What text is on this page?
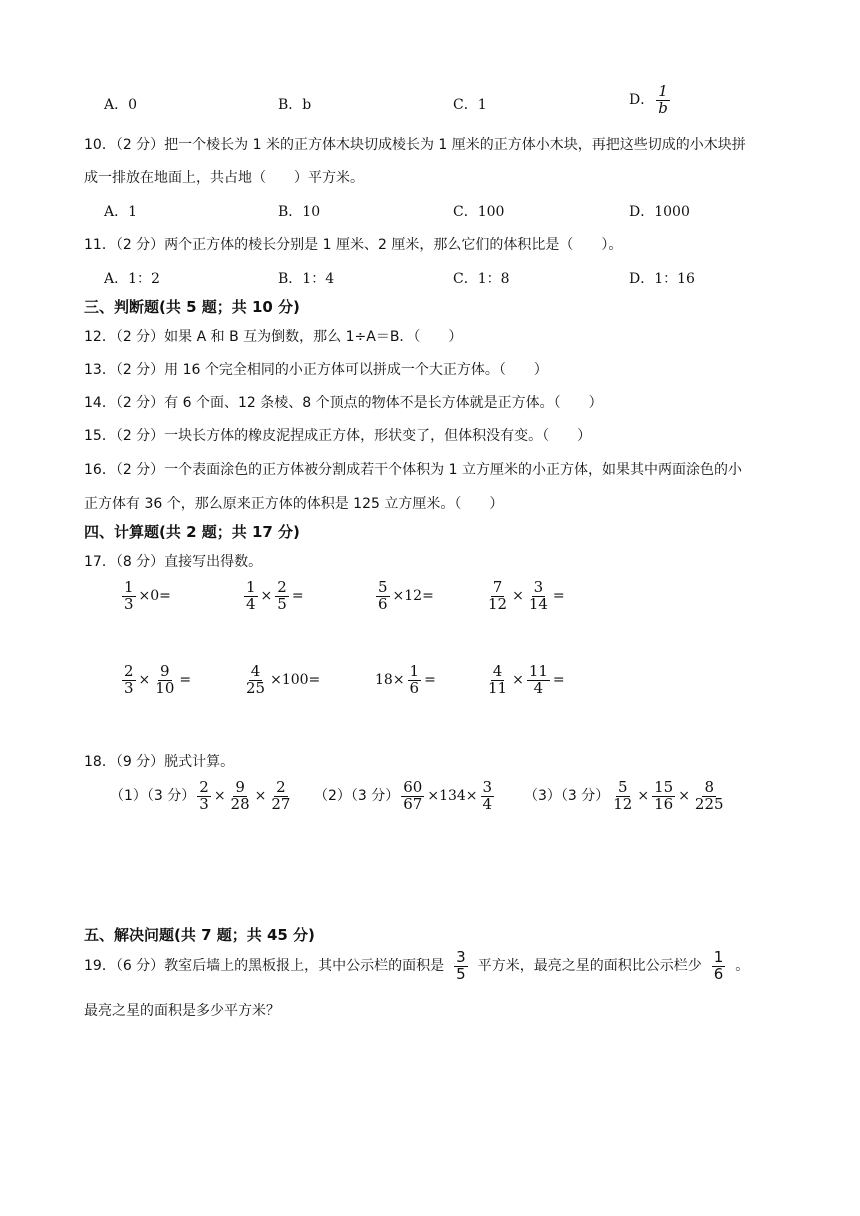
A．0	B．b	C．1	D． $\frac{1}{b}$
10．（2 分）把一个棱长为 1 米的正方体木块切成棱长为 1 厘米的正方体小木块，再把这些切成的小木块拼
成一排放在地面上，共占地（　　）平方米。
A．1	B．10	C．100	D．1000
11．（2 分）两个正方体的棱长分别是 1 厘米、2 厘米，那么它们的体积比是（　　）。
A．1：2	B．1：4	C．1：8	D．1：16
三、判断题(共 5 题；共 10 分)
12．（2 分）如果 A 和 B 互为倒数，那么 1÷A＝B．（　　）
13．（2 分）用 16 个完全相同的小正方体可以拼成一个大正方体。（　　）
14．（2 分）有 6 个面、12 条棱、8 个顶点的物体不是长方体就是正方体。（　　）
15．（2 分）一块长方体的橡皮泥捏成正方体，形状变了，但体积没有变。（　　）
16．（2 分）一个表面涂色的正方体被分割成若干个体积为 1 立方厘米的小正方体，如果其中两面涂色的小
正方体有 36 个，那么原来正方体的体积是 125 立方厘米。（　　）
四、计算题(共 2 题；共 17 分)
17．（8 分）直接写出得数。
$\frac{1}{3} \times 0=$	$\frac{1}{4} \times \frac{2}{5}$ =	$\frac{5}{6} \times 12=$	$\frac{7}{12} \times \frac{3}{14}$ =
$\frac{2}{3} \times \frac{9}{10}$ =	$\frac{4}{25} \times 100=$	$18\times \frac{1}{6}$ =	$\frac{4}{11} \times \frac{11}{4}$ =
18．（9 分）脱式计算。
（1）（3 分） $\frac{2}{3} \times \frac{9}{28} \times \frac{2}{27} (2)(3$ 分） $\frac{60}{67} \times 134\times \frac{3}{4} (3)(3$ 分） $\frac{5}{12} \times \frac{15}{16} \times \frac{8}{225}$
五、解决问题(共 7 题；共 45 分)
19．（6 分）教室后墙上的黑板报上，其中公示栏的面积是 $\frac{3}{5}$ 平方米，最亮之星的面积比公示栏少 $\frac{1}{6}$ 。
最亮之星的面积是多少平方米？
